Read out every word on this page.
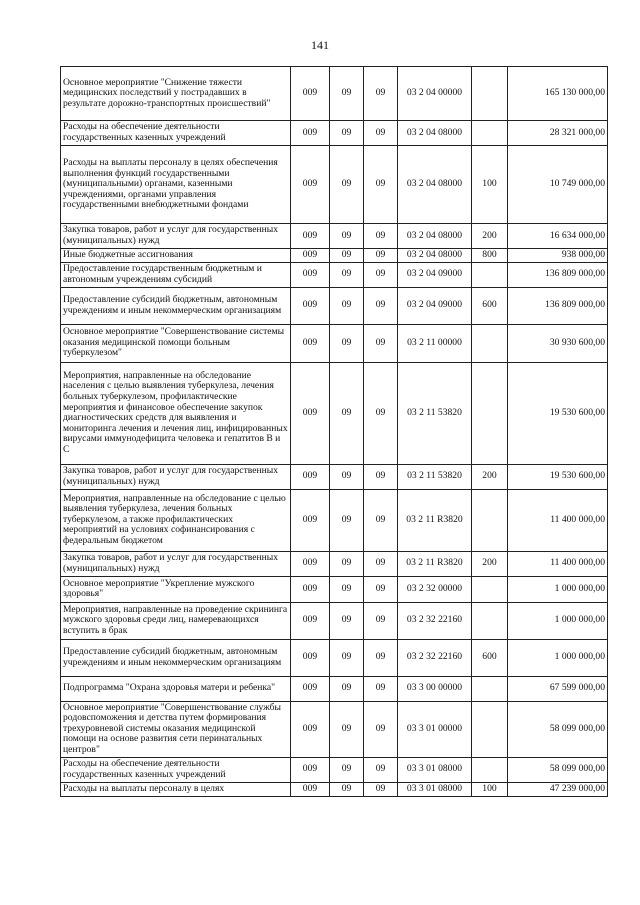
141
Основное мероприятие "Снижение тяжести медицинских последствий у пострадавших в результате дорожно-транспортных происшествий"	009	09	09	03 2 04 00000		165 130 000,00
Расходы на обеспечение деятельности государственных казенных учреждений	009	09	09	03 2 04 08000		28 321 000,00
Расходы на выплаты персоналу в целях обеспечения выполнения функций государственными (муниципальными) органами, казенными учреждениями, органами управления государственными внебюджетными фондами	009	09	09	03 2 04 08000	100	10 749 000,00
Закупка товаров, работ и услуг для государственных (муниципальных) нужд	009	09	09	03 2 04 08000	200	16 634 000,00
Иные бюджетные ассигнования	009	09	09	03 2 04 08000	800	938 000,00
Предоставление государственным бюджетным и автономным учреждениям субсидий	009	09	09	03 2 04 09000		136 809 000,00
Предоставление субсидий бюджетным, автономным учреждениям и иным некоммерческим организациям	009	09	09	03 2 04 09000	600	136 809 000,00
Основное мероприятие "Совершенствование системы оказания медицинской помощи больным туберкулезом"	009	09	09	03 2 11 00000		30 930 600,00
Мероприятия, направленные на обследование населения с целью выявления туберкулеза, лечения больных туберкулезом, профилактические мероприятия и финансовое обеспечение закупок диагностических средств для выявления и мониторинга лечения и лечения лиц, инфицированных вирусами иммунодефицита человека и гепатитов В и С	009	09	09	03 2 11 53820		19 530 600,00
Закупка товаров, работ и услуг для государственных (муниципальных) нужд	009	09	09	03 2 11 53820	200	19 530 600,00
Мероприятия, направленные на обследование с целью выявления туберкулеза, лечения больных туберкулезом, а также профилактических мероприятий на условиях софинансирования с федеральным бюджетом	009	09	09	03 2 11 R3820		11 400 000,00
Закупка товаров, работ и услуг для государственных (муниципальных) нужд	009	09	09	03 2 11 R3820	200	11 400 000,00
Основное мероприятие "Укрепление мужского здоровья"	009	09	09	03 2 32 00000		1 000 000,00
Мероприятия, направленные на проведение скрининга мужского здоровья среди лиц, намеревающихся вступить в брак	009	09	09	03 2 32 22160		1 000 000,00
Предоставление субсидий бюджетным, автономным учреждениям и иным некоммерческим организациям	009	09	09	03 2 32 22160	600	1 000 000,00
Подпрограмма "Охрана здоровья матери и ребенка"	009	09	09	03 3 00 00000		67 599 000,00
Основное мероприятие "Совершенствование службы родовспоможения и детства путем формирования трехуровневой системы оказания медицинской помощи на основе развития сети перинатальных центров"	009	09	09	03 3 01 00000		58 099 000,00
Расходы на обеспечение деятельности государственных казенных учреждений	009	09	09	03 3 01 08000		58 099 000,00
Расходы на выплаты персоналу в целях	009	09	09	03 3 01 08000	100	47 239 000,00
